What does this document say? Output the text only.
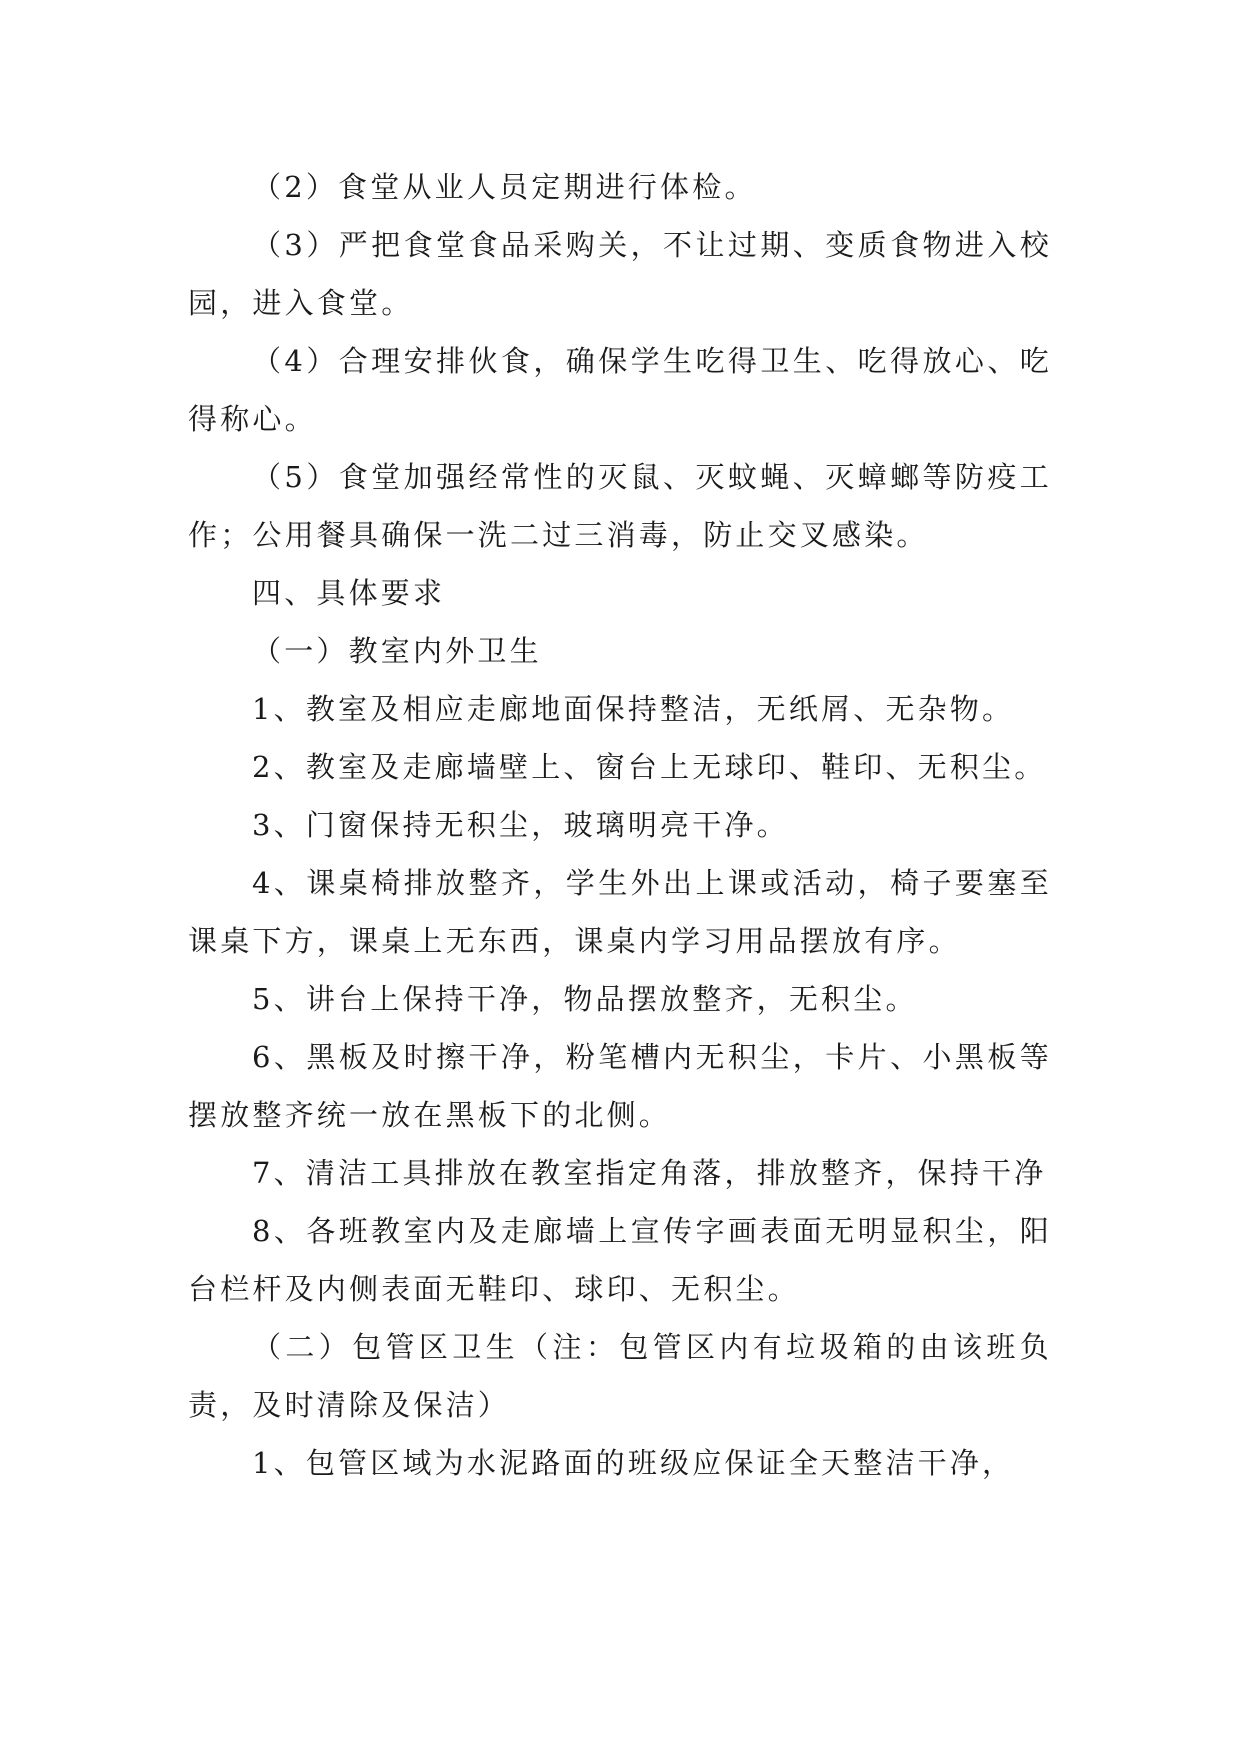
（2）食堂从业人员定期进行体检。

（3）严把食堂食品采购关，不让过期、变质食物进入校园，进入食堂。

（4）合理安排伙食，确保学生吃得卫生、吃得放心、吃得称心。

（5）食堂加强经常性的灭鼠、灭蚊蝇、灭蟑螂等防疫工作；公用餐具确保一洗二过三消毒，防止交叉感染。

四、具体要求

（一）教室内外卫生

1、教室及相应走廊地面保持整洁，无纸屑、无杂物。

2、教室及走廊墙壁上、窗台上无球印、鞋印、无积尘。

3、门窗保持无积尘，玻璃明亮干净。

4、课桌椅排放整齐，学生外出上课或活动，椅子要塞至课桌下方，课桌上无东西，课桌内学习用品摆放有序。

5、讲台上保持干净，物品摆放整齐，无积尘。

6、黑板及时擦干净，粉笔槽内无积尘，卡片、小黑板等摆放整齐统一放在黑板下的北侧。

7、清洁工具排放在教室指定角落，排放整齐，保持干净

8、各班教室内及走廊墙上宣传字画表面无明显积尘，阳台栏杆及内侧表面无鞋印、球印、无积尘。

（二）包管区卫生（注：包管区内有垃圾箱的由该班负责，及时清除及保洁）

1、包管区域为水泥路面的班级应保证全天整洁干净，
